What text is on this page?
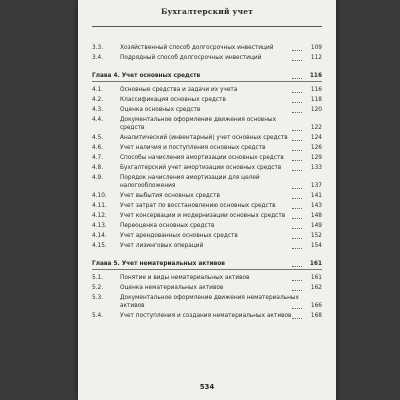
Бухгалтерский учет
3.3.	Хозяйственный способ долгосрочных инвестиций	109
3.4.	Подрядный способ долгосрочных инвестиций	112
Глава 4. Учет основных средств	116
4.1.	Основные средства и задачи их учета	116
4.2.	Классификация основных средств	118
4.3.	Оценка основных средств	120
4.4.	Документальное оформление движения основных средств	122
4.5.	Аналитический (инвентарный) учет основных средств	124
4.6.	Учет наличия и поступления основных средств	126
4.7.	Способы начисления амортизации основных средств	129
4.8.	Бухгалтерский учет амортизации основных средств	133
4.9.	Порядок начисления амортизации для целей налогообложения	137
4.10. Учет выбытия основных средств	141
4.11. Учет затрат по восстановлению основных средств	143
4.12. Учет консервации и модернизации основных средств	148
4.13. Переоценка основных средств	149
4.14. Учет арендованных основных средств	152
4.15. Учет лизинговых операций	154
Глава 5. Учет нематериальных активов	161
5.1.	Понятие и виды нематериальных активов	161
5.2.	Оценка нематериальных активов	162
5.3.	Документальное оформление движения нематериальных активов	166
5.4.	Учет поступления и создания нематериальных активов	168
534
